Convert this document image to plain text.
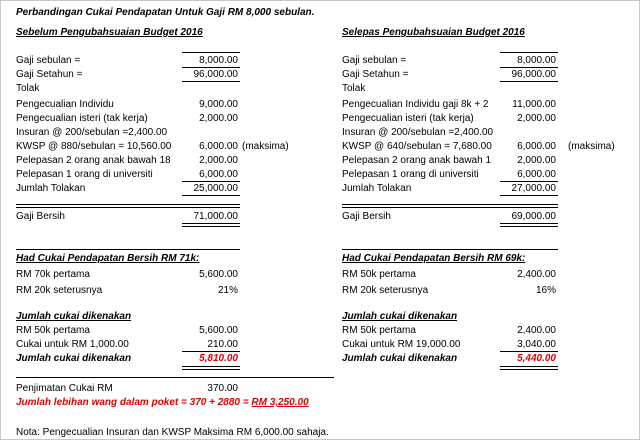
Perbandingan Cukai Pendapatan Untuk Gaji RM 8,000 sebulan.
Sebelum Pengubahsuaian Budget 2016
Gaji sebulan =	8,000.00
Gaji Setahun =	96,000.00
Tolak
Pengecualian Individu	9,000.00
Pengecualian isteri (tak kerja)	2,000.00
Insuran @ 200/sebulan =2,400.00
KWSP @ 880/sebulan = 10,560.00	6,000.00 (maksima)
Pelepasan 2 orang anak bawah 18	2,000.00
Pelepasan 1 orang di universiti	6,000.00
Jumlah Tolakan	25,000.00
Gaji Bersih	71,000.00
Had Cukai Pendapatan Bersih RM 71k:
RM 70k pertama	5,600.00
RM 20k seterusnya	21%
Jumlah cukai dikenakan
RM 50k pertama	5,600.00
Cukai untuk RM 1,000.00	210.00
Jumlah cukai dikenakan	5,810.00
Selepas Pengubahsuaian Budget 2016
Gaji sebulan =	8,000.00
Gaji Setahun =	96,000.00
Tolak
Pengecualian Individu gaji 8k + 2	11,000.00
Pengecualian isteri (tak kerja)	2,000.00
Insuran @ 200/sebulan =2,400.00
KWSP @ 640/sebulan = 7,680.00	6,000.00 (maksima)
Pelepasan 2 orang anak bawah 1	2,000.00
Pelepasan 1 orang di universiti	6,000.00
Jumlah Tolakan	27,000.00
Gaji Bersih	69,000.00
Had Cukai Pendapatan Bersih RM 69k:
RM 50k pertama	2,400.00
RM 20k seterusnya	16%
Jumlah cukai dikenakan
RM 50k pertama	2,400.00
Cukai untuk RM 19,000.00	3,040.00
Jumlah cukai dikenakan	5,440.00
Penjimatan Cukai RM	370.00
Jumlah lebihan wang dalam poket = 370 + 2880 = RM 3,250.00
Nota: Pengecualian Insuran dan KWSP Maksima RM 6,000.00 sahaja.
